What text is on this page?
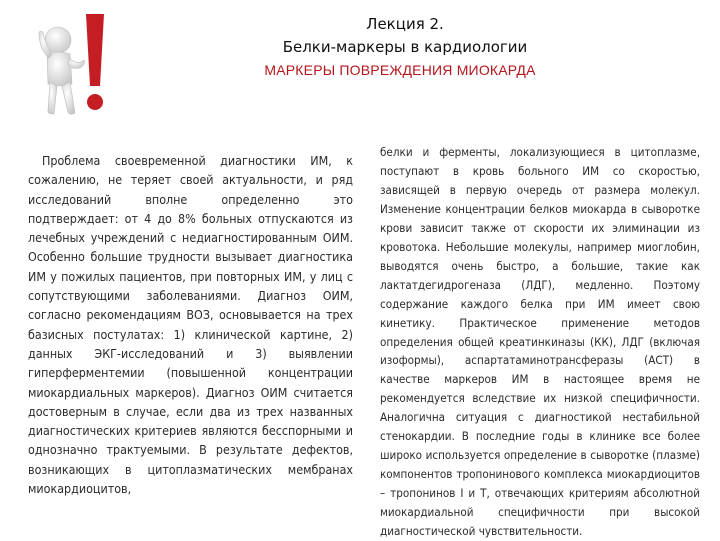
Лекция 2.
Белки-маркеры в кардиологии
МАРКЕРЫ ПОВРЕЖДЕНИЯ МИОКАРДА

Проблема своевременной диагностики ИМ, к сожалению, не теряет своей актуальности, и ряд исследований вполне определенно это подтверждает: от 4 до 8% больных отпускаются из лечебных учреждений с недиагностированным ОИМ. Особенно большие трудности вызывает диагностика ИМ у пожилых пациентов, при повторных ИМ, у лиц с сопутствующими заболеваниями. Диагноз ОИМ, согласно рекомендациям ВОЗ, основывается на трех базисных постулатах: 1) клинической картине, 2) данных ЭКГ-исследований и 3) выявлении гиперферментемии (повышенной концентрации миокардиальных маркеров). Диагноз ОИМ считается достоверным в случае, если два из трех названных диагностических критериев являются бесспорными и однозначно трактуемыми. В результате дефектов, возникающих в цитоплазматических мембранах миокардиоцитов,

белки и ферменты, локализующиеся в цитоплазме, поступают в кровь больного ИМ со скоростью, зависящей в первую очередь от размера молекул. Изменение концентрации белков миокарда в сыворотке крови зависит также от скорости их элиминации из кровотока. Небольшие молекулы, например миоглобин, выводятся очень быстро, а большие, такие как лактатдегидрогеназа (ЛДГ), медленно. Поэтому содержание каждого белка при ИМ имеет свою кинетику. Практическое применение методов определения общей креатинкиназы (КК), ЛДГ (включая изоформы), аспартатаминотрансферазы (АСТ) в качестве маркеров ИМ в настоящее время не рекомендуется вследствие их низкой специфичности. Аналогична ситуация с диагностикой нестабильной стенокардии. В последние годы в клинике все более широко используется определение в сыворотке (плазме) компонентов тропонинового комплекса миокардиоцитов – тропонинов I и T, отвечающих критериям абсолютной миокардиальной специфичности при высокой диагностической чувствительности.
